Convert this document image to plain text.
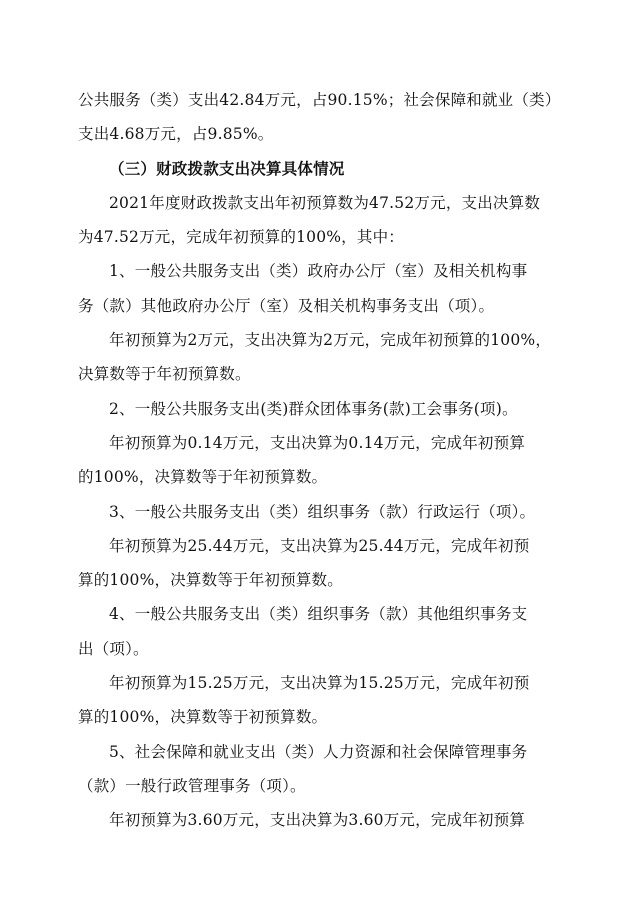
公共服务（类）支出42.84万元，占90.15%；社会保障和就业（类）
支出4.68万元，占9.85%。
（三）财政拨款支出决算具体情况
2021年度财政拨款支出年初预算数为47.52万元，支出决算数
为47.52万元，完成年初预算的100%，其中：
1、一般公共服务支出（类）政府办公厅（室）及相关机构事
务（款）其他政府办公厅（室）及相关机构事务支出（项）。
年初预算为2万元，支出决算为2万元，完成年初预算的100%，
决算数等于年初预算数。
2、一般公共服务支出(类)群众团体事务(款)工会事务(项)。
年初预算为0.14万元，支出决算为0.14万元，完成年初预算
的100%，决算数等于年初预算数。
3、一般公共服务支出（类）组织事务（款）行政运行（项）。
年初预算为25.44万元，支出决算为25.44万元，完成年初预
算的100%，决算数等于年初预算数。
4、一般公共服务支出（类）组织事务（款）其他组织事务支
出（项）。
年初预算为15.25万元，支出决算为15.25万元，完成年初预
算的100%，决算数等于初预算数。
5、社会保障和就业支出（类）人力资源和社会保障管理事务
（款）一般行政管理事务（项）。
年初预算为3.60万元，支出决算为3.60万元，完成年初预算
